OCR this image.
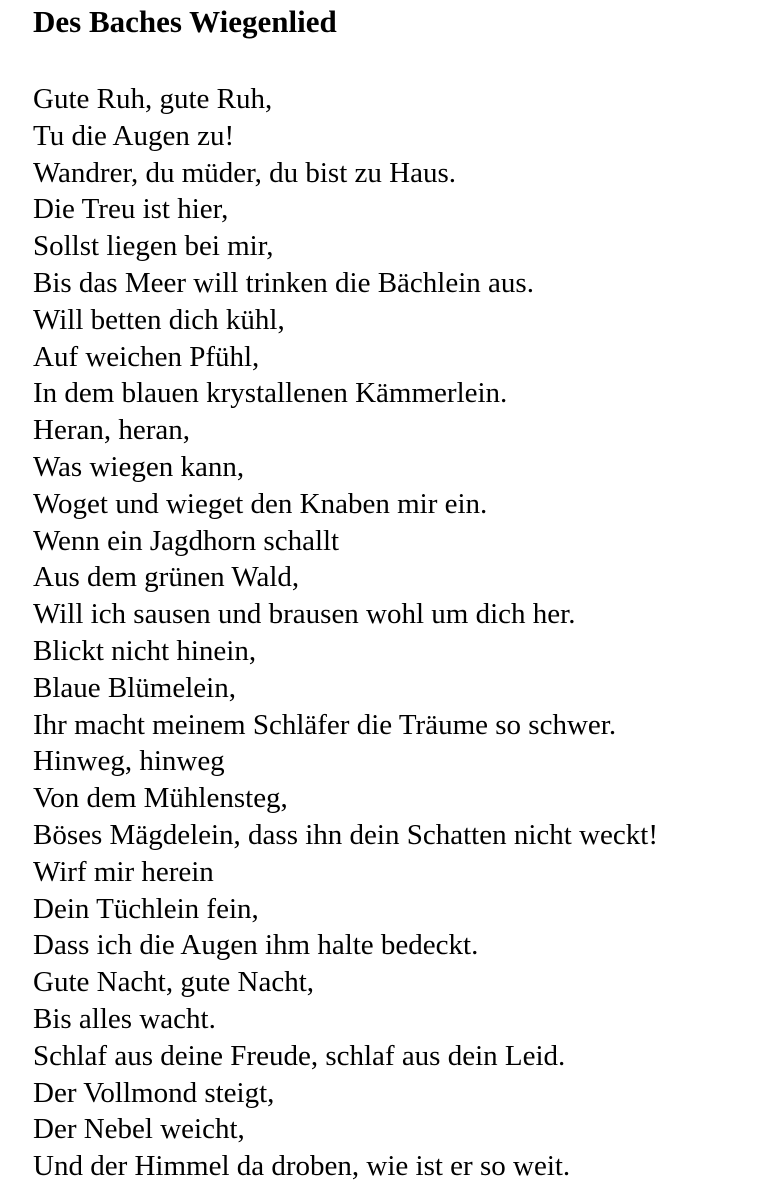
Des Baches Wiegenlied
Gute Ruh, gute Ruh,
Tu die Augen zu!
Wandrer, du müder, du bist zu Haus.
Die Treu ist hier,
Sollst liegen bei mir,
Bis das Meer will trinken die Bächlein aus.
Will betten dich kühl,
Auf weichen Pfühl,
In dem blauen krystallenen Kämmerlein.
Heran, heran,
Was wiegen kann,
Woget und wieget den Knaben mir ein.
Wenn ein Jagdhorn schallt
Aus dem grünen Wald,
Will ich sausen und brausen wohl um dich her.
Blickt nicht hinein,
Blaue Blümelein,
Ihr macht meinem Schläfer die Träume so schwer.
Hinweg, hinweg
Von dem Mühlensteg,
Böses Mägdelein, dass ihn dein Schatten nicht weckt!
Wirf mir herein
Dein Tüchlein fein,
Dass ich die Augen ihm halte bedeckt.
Gute Nacht, gute Nacht,
Bis alles wacht.
Schlaf aus deine Freude, schlaf aus dein Leid.
Der Vollmond steigt,
Der Nebel weicht,
Und der Himmel da droben, wie ist er so weit.
